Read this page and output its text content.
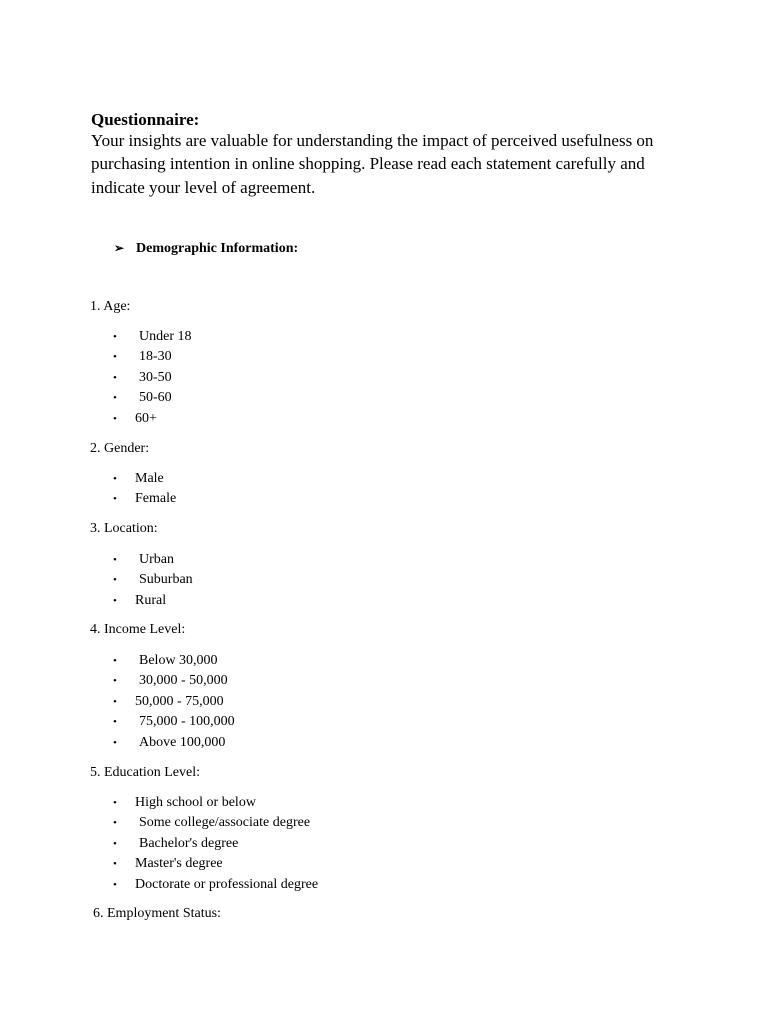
Questionnaire:

Your insights are valuable for understanding the impact of perceived usefulness on
purchasing intention in online shopping. Please read each statement carefully and
indicate your level of agreement.

➢ Demographic Information:
1. Age:
• Under 18
• 18-30
• 30-50
• 50-60
• 60+
2. Gender:
• Male
• Female
3. Location:
• Urban
• Suburban
• Rural
4. Income Level:
• Below 30,000
• 30,000 - 50,000
• 50,000 - 75,000
• 75,000 - 100,000
• Above 100,000
5. Education Level:
• High school or below
• Some college/associate degree
• Bachelor's degree
• Master's degree
• Doctorate or professional degree
6. Employment Status:
